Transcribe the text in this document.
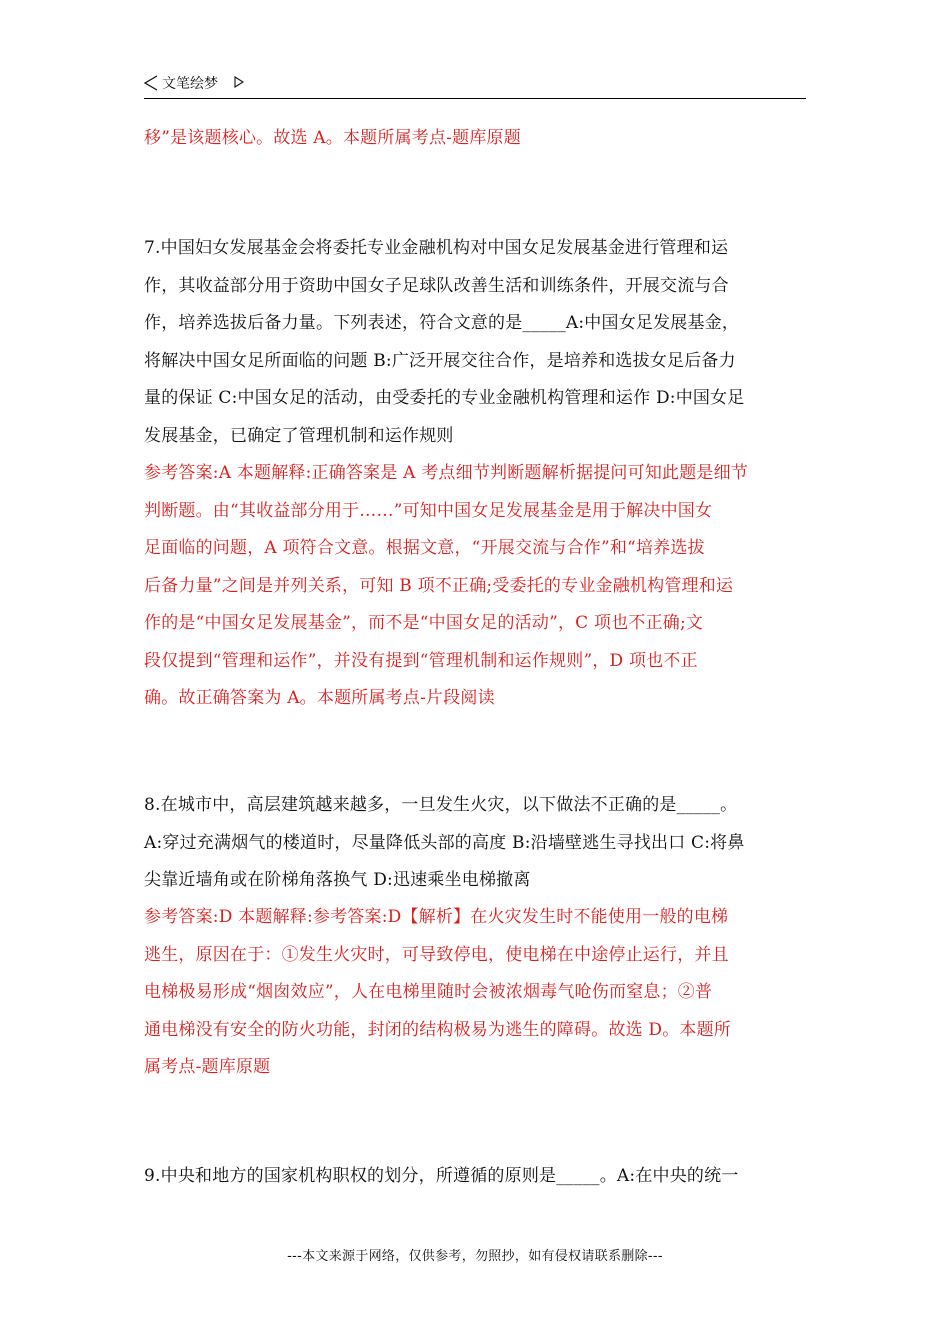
文笔绘梦
移”是该题核心。故选 A。本题所属考点-题库原题
7.中国妇女发展基金会将委托专业金融机构对中国女足发展基金进行管理和运
作，其收益部分用于资助中国女子足球队改善生活和训练条件，开展交流与合
作，培养选拔后备力量。下列表述，符合文意的是_____A:中国女足发展基金，
将解决中国女足所面临的问题 B:广泛开展交往合作，是培养和选拔女足后备力
量的保证 C:中国女足的活动，由受委托的专业金融机构管理和运作 D:中国女足
发展基金，已确定了管理机制和运作规则
参考答案:A 本题解释:正确答案是 A 考点细节判断题解析据提问可知此题是细节
判断题。由“其收益部分用于……”可知中国女足发展基金是用于解决中国女
足面临的问题，A 项符合文意。根据文意，“开展交流与合作”和“培养选拔
后备力量”之间是并列关系，可知 B 项不正确;受委托的专业金融机构管理和运
作的是“中国女足发展基金”，而不是“中国女足的活动”，C 项也不正确;文
段仅提到“管理和运作”，并没有提到“管理机制和运作规则”，D 项也不正
确。故正确答案为 A。本题所属考点-片段阅读
8.在城市中，高层建筑越来越多，一旦发生火灾，以下做法不正确的是_____。
A:穿过充满烟气的楼道时，尽量降低头部的高度 B:沿墙壁逃生寻找出口 C:将鼻
尖靠近墙角或在阶梯角落换气 D:迅速乘坐电梯撤离
参考答案:D 本题解释:参考答案:D【解析】在火灾发生时不能使用一般的电梯
逃生，原因在于：①发生火灾时，可导致停电，使电梯在中途停止运行，并且
电梯极易形成“烟囱效应”，人在电梯里随时会被浓烟毒气呛伤而窒息；②普
通电梯没有安全的防火功能，封闭的结构极易为逃生的障碍。故选 D。本题所
属考点-题库原题
9.中央和地方的国家机构职权的划分，所遵循的原则是_____。A:在中央的统一
---本文来源于网络，仅供参考，勿照抄，如有侵权请联系删除---
